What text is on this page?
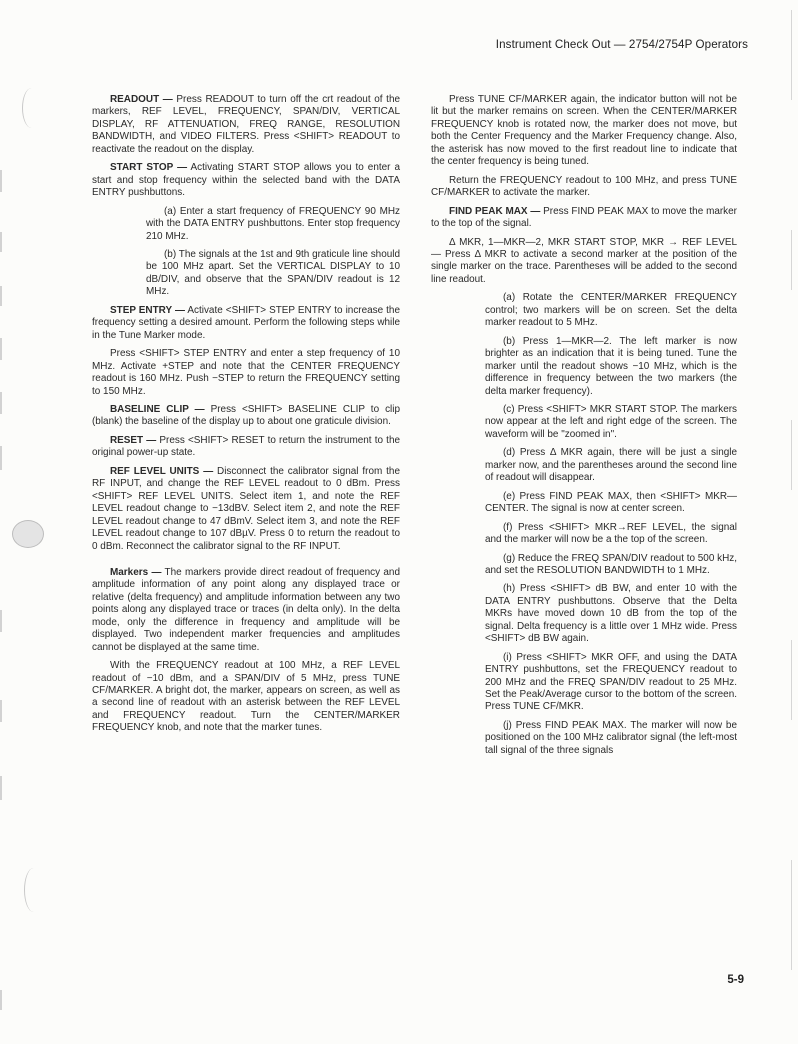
Instrument Check Out — 2754/2754P Operators

READOUT — Press READOUT to turn off the crt readout of the markers, REF LEVEL, FREQUENCY, SPAN/DIV, VERTICAL DISPLAY, RF ATTENUATION, FREQ RANGE, RESOLUTION BANDWIDTH, and VIDEO FILTERS. Press <SHIFT> READOUT to reactivate the readout on the display.

START STOP — Activating START STOP allows you to enter a start and stop frequency within the selected band with the DATA ENTRY pushbuttons.

(a) Enter a start frequency of FREQUENCY 90 MHz with the DATA ENTRY pushbuttons. Enter stop frequency 210 MHz.

(b) The signals at the 1st and 9th graticule line should be 100 MHz apart. Set the VERTICAL DISPLAY to 10 dB/DIV, and observe that the SPAN/DIV readout is 12 MHz.

STEP ENTRY — Activate <SHIFT> STEP ENTRY to increase the frequency setting a desired amount. Perform the following steps while in the Tune Marker mode.

Press <SHIFT> STEP ENTRY and enter a step frequency of 10 MHz. Activate +STEP and note that the CENTER FREQUENCY readout is 160 MHz. Push −STEP to return the FREQUENCY setting to 150 MHz.

BASELINE CLIP — Press <SHIFT> BASELINE CLIP to clip (blank) the baseline of the display up to about one graticule division.

RESET — Press <SHIFT> RESET to return the instrument to the original power-up state.

REF LEVEL UNITS — Disconnect the calibrator signal from the RF INPUT, and change the REF LEVEL readout to 0 dBm. Press <SHIFT> REF LEVEL UNITS. Select item 1, and note the REF LEVEL readout change to −13dBV. Select item 2, and note the REF LEVEL readout change to 47 dBmV. Select item 3, and note the REF LEVEL readout change to 107 dBµV. Press 0 to return the readout to 0 dBm. Reconnect the calibrator signal to the RF INPUT.

Markers — The markers provide direct readout of frequency and amplitude information of any point along any displayed trace or relative (delta frequency) and amplitude information between any two points along any displayed trace or traces (in delta only). In the delta mode, only the difference in frequency and amplitude will be displayed. Two independent marker frequencies and amplitudes cannot be displayed at the same time.

With the FREQUENCY readout at 100 MHz, a REF LEVEL readout of −10 dBm, and a SPAN/DIV of 5 MHz, press TUNE CF/MARKER. A bright dot, the marker, appears on screen, as well as a second line of readout with an asterisk between the REF LEVEL and FREQUENCY readout. Turn the CENTER/MARKER FREQUENCY knob, and note that the marker tunes.

Press TUNE CF/MARKER again, the indicator button will not be lit but the marker remains on screen. When the CENTER/MARKER FREQUENCY knob is rotated now, the marker does not move, but both the Center Frequency and the Marker Frequency change. Also, the asterisk has now moved to the first readout line to indicate that the center frequency is being tuned.

Return the FREQUENCY readout to 100 MHz, and press TUNE CF/MARKER to activate the marker.

FIND PEAK MAX — Press FIND PEAK MAX to move the marker to the top of the signal.

Δ MKR, 1—MKR—2, MKR START STOP, MKR → REF LEVEL — Press Δ MKR to activate a second marker at the position of the single marker on the trace. Parentheses will be added to the second line readout.

(a) Rotate the CENTER/MARKER FREQUENCY control; two markers will be on screen. Set the delta marker readout to 5 MHz.

(b) Press 1—MKR—2. The left marker is now brighter as an indication that it is being tuned. Tune the marker until the readout shows −10 MHz, which is the difference in frequency between the two markers (the delta marker frequency).

(c) Press <SHIFT> MKR START STOP. The markers now appear at the left and right edge of the screen. The waveform will be "zoomed in".

(d) Press Δ MKR again, there will be just a single marker now, and the parentheses around the second line of readout will disappear.

(e) Press FIND PEAK MAX, then <SHIFT> MKR—CENTER. The signal is now at center screen.

(f) Press <SHIFT> MKR→REF LEVEL, the signal and the marker will now be a the top of the screen.

(g) Reduce the FREQ SPAN/DIV readout to 500 kHz, and set the RESOLUTION BANDWIDTH to 1 MHz.

(h) Press <SHIFT> dB BW, and enter 10 with the DATA ENTRY pushbuttons. Observe that the Delta MKRs have moved down 10 dB from the top of the signal. Delta frequency is a little over 1 MHz wide. Press <SHIFT> dB BW again.

(i) Press <SHIFT> MKR OFF, and using the DATA ENTRY pushbuttons, set the FREQUENCY readout to 200 MHz and the FREQ SPAN/DIV readout to 25 MHz. Set the Peak/Average cursor to the bottom of the screen. Press TUNE CF/MKR.

(j) Press FIND PEAK MAX. The marker will now be positioned on the 100 MHz calibrator signal (the left-most tall signal of the three signals

5-9
